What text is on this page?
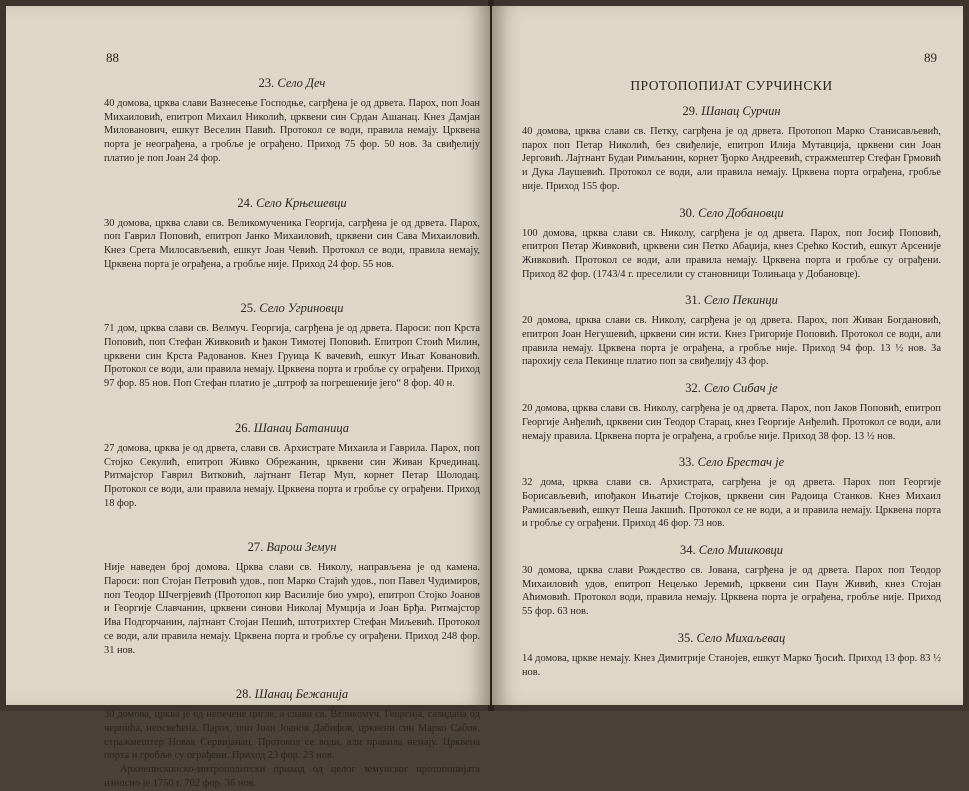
88
23. Село Деч

40 домова, црква слави Вазнесење Господње, сагрђена је од дрвета. Парох, поп Јоан Михаиловић, епитроп Михаил Николић, црквени син Срдан Ашанац. Кнез Дамјан Милованович, ешкут Веселин Павић. Протокол се води, правила немају. Црквена порта је неограђена, а гробље је ограђено. Приход 75 фор. 50 нов. За свиђелију платио је поп Јоан 24 фор.

24. Село Крњешевци

30 домова, црква слави св. Великомученика Георгија, сагрђена је од дрвета. Парох, поп Гаврил Поповић, епитроп Јанко Михаиловић, црквени син Сава Михаиловић. Кнез Срета Милосављевић, ешкут Јоан Чевић. Протокол се води, правила немају, Црквена порта је ограђена, а гробље није. Приход 24 фор. 55 нов.

25. Село Угриновци

71 дом, црква слави св. Велмуч. Георгија, сагрђена је од дрвета. Пароси: поп Крста Поповић, поп Стефан Живковић и ђакон Тимотеј Поповић. Епитроп Стоић Милин, црквени син Крста Радованов. Кнез Груица К вачевић, ешкут Ињат Ковановић. Протокол се води, али правила немају. Црквена порта и гробље су ограђени. Приход 97 фор. 85 нов. Поп Стефан платио је „штроф за погрешеније јего“ 8 фор. 40 н.

26. Шанац Батаница

27 домова, црква је од дрвета, слави св. Архистрате Михаила и Гаврила. Парох, поп Стојко Секулић, епитроп Живко Обрежанин, црквени син Живан Крчединац. Ритмајстор Гаврил Витковић, лајтнант Петар Муп, корнет Петар Шолодац. Протокол се води, али правила немају. Црквена порта и гробље су ограђени. Приход 18 фор.

27. Варош Земун

Није наведен број домова. Црква слави св. Николу, направљена је од камена. Пароси: поп Стојан Петровић удов., поп Марко Стајић удов., поп Павел Чудимиров, поп Теодор Шчегрјевић (Протопоп кир Василије био умро), епитроп Стојко Јоанов и Георгије Славчанин, црквени синови Николај Мумција и Јоан Брђа. Ритмајстор Ива Подгорчанин, лајтнант Стојан Пешић, штотрихтер Стефан Миљевић. Протокол се води, али правила немају. Црквена порта и гробље су ограђени. Приход 248 фор. 31 нов.

28. Шанац Бежанија

30 домова, црква је од непечене цигле, а слави св. Великомуч. Георгија, сазидана од черпића, неосвећена. Парох, поп Јоан Јоанов Дабифов, црквени син Марко Сабов, стражмештер Новак Сервијанац. Протокол се води, али правила немају. Црквена порта и гробље су ограђени. Приход 23 фор. 23 нов.

Архиепископско-митрополитски приход од целог земунског протопопијата износио је 1750 г. 702 фор. 36 нов.

89
ПРОТОПОПИЈАТ СУРЧИНСКИ
29. Шанац Сурчин

40 домова, црква слави св. Петку, сагрђена је од дрвета. Протопоп Марко Станисављевић, парох поп Петар Николић, без свиђелије, епитроп Илија Мутавција, црквени син Јоан Јерговић. Лајтнант Будаи Римљанин, корнет Ђорко Андреевић, стражмештер Стефан Грмовић и Дука Лаушевић. Протокол се води, али правила немају. Црквена порта ограђена, гробље није. Приход 155 фор.

30. Село Добановци

100 домова, црква слави св. Николу, сагрђена је од дрвета. Парох, поп Јосиф Поповић, епитроп Петар Живковић, црквени син Петко Абаџија, кнез Срећко Костић, ешкут Арсеније Живковић. Протокол се води, али правила немају. Црквена порта и гробље су ограђени. Приход 82 фор. (1743/4 г. преселили су становници Толињаца у Добановце).

31. Село Пекинци

20 домова, црква слави св. Николу, сагрђена је од дрвета. Парох, поп Живан Богдановић, епитроп Јоан Негушевић, црквени син исти. Кнез Григорије Поповић. Протокол се води, али правила немају. Црквена порта је ограђена, а гробље није. Приход 94 фор. 13 ½ нов. За парохију села Пекинце платио поп за свиђелију 43 фор.

32. Село Сибач је

20 домова, црква слави св. Николу, сагрђена је од дрвета. Парох, поп Јаков Поповић, епитроп Георгије Анђелић, црквени син Теодор Старац, кнез Георгије Анђелић. Протокол се води, али немају правила. Црквена порта је ограђена, а гробље није. Приход 38 фор. 13 ½ нов.

33. Село Брестач је

32 дома, црква слави св. Архистрата, сагрђена је од дрвета. Парох поп Георгије Борисављевић, ипођакон Ињатије Стојков, црквени син Радоица Станков. Кнез Михаил Рамисављевић, ешкут Пеша Јакшић. Протокол се не води, а и правила немају. Црквена порта и гробље су ограђени. Приход 46 фор. 73 нов.

34. Село Мишковци

30 домова, црква слави Рождество св. Јована, сагрђена је од дрвета. Парох поп Теодор Михаиловић удов, епитроп Нецељко Јеремић, црквени син Паун Живић, кнез Стојан Аћимовић. Протокол води, правила немају. Црквена порта је ограђена, гробље није. Приход 55 фор. 63 нов.

35. Село Михаљевац

14 домова, цркве немају. Кнез Димитрије Станојев, ешкут Марко Ђосић. Приход 13 фор. 83 ½ нов.
